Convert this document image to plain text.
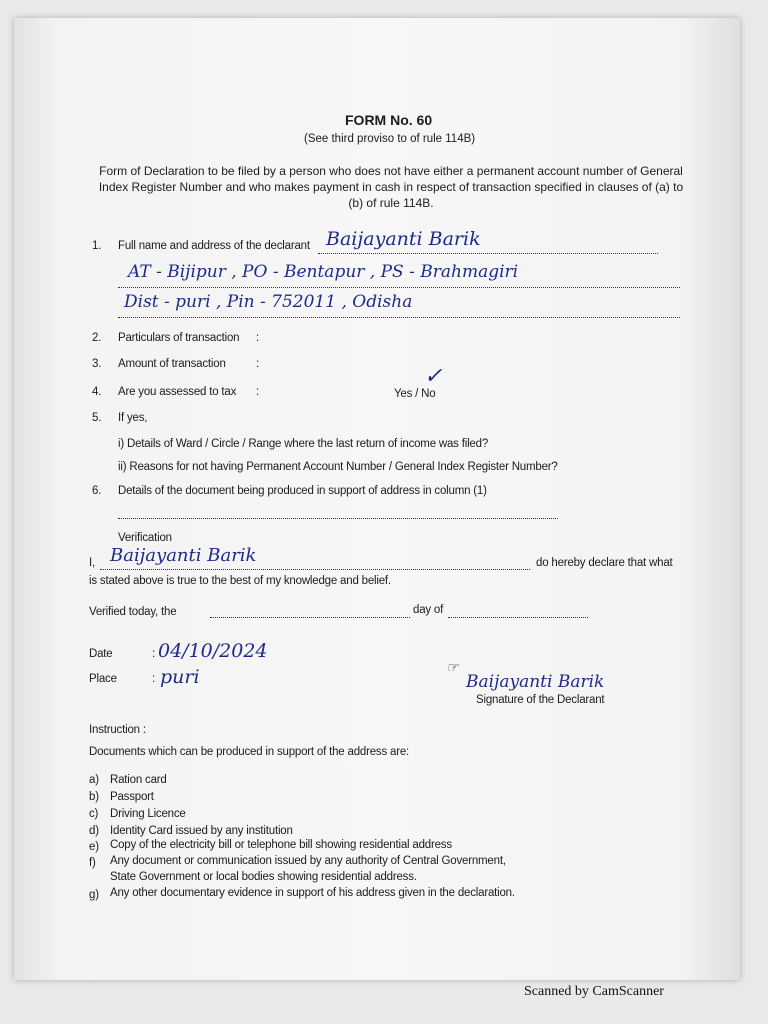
FORM No. 60
(See third proviso to of rule 114B)
Form of Declaration to be filed by a person who does not have either a permanent account number of General Index Register Number and who makes payment in cash in respect of transaction specified in clauses of (a) to (b) of rule 114B.
1. Full name and address of the declarant Baijayanti Barik
AT - Bijipur , PO - Bentapur , PS - Brahmagiri
Dist - puri , Pin - 752011 , Odisha
2. Particulars of transaction :
3. Amount of transaction	:
4. Are you assessed to tax :	Yes / No
✓
5. If yes,
i) Details of Ward / Circle / Range where the last return of income was filed?
ii) Reasons for not having Permanent Account Number / General Index Register Number?
6. Details of the document being produced in support of address in column (1)
Verification
I, Baijayanti Barik	do hereby declare that what
is stated above is true to the best of my knowledge and belief.
Verified today, the	day of
Date	: 04/10/2024
Place	: puri	☞
Baijayanti Barik
Signature of the Declarant
Instruction :
Documents which can be produced in support of the address are:
a) Ration card
b) Passport
c) Driving Licence
d) Identity Card issued by any institution
e) Copy of the electricity bill or telephone bill showing residential address
f) Any document or communication issued by any authority of Central Government,
State Government or local bodies showing residential address.
g) Any other documentary evidence in support of his address given in the declaration.
Scanned by CamScanner
